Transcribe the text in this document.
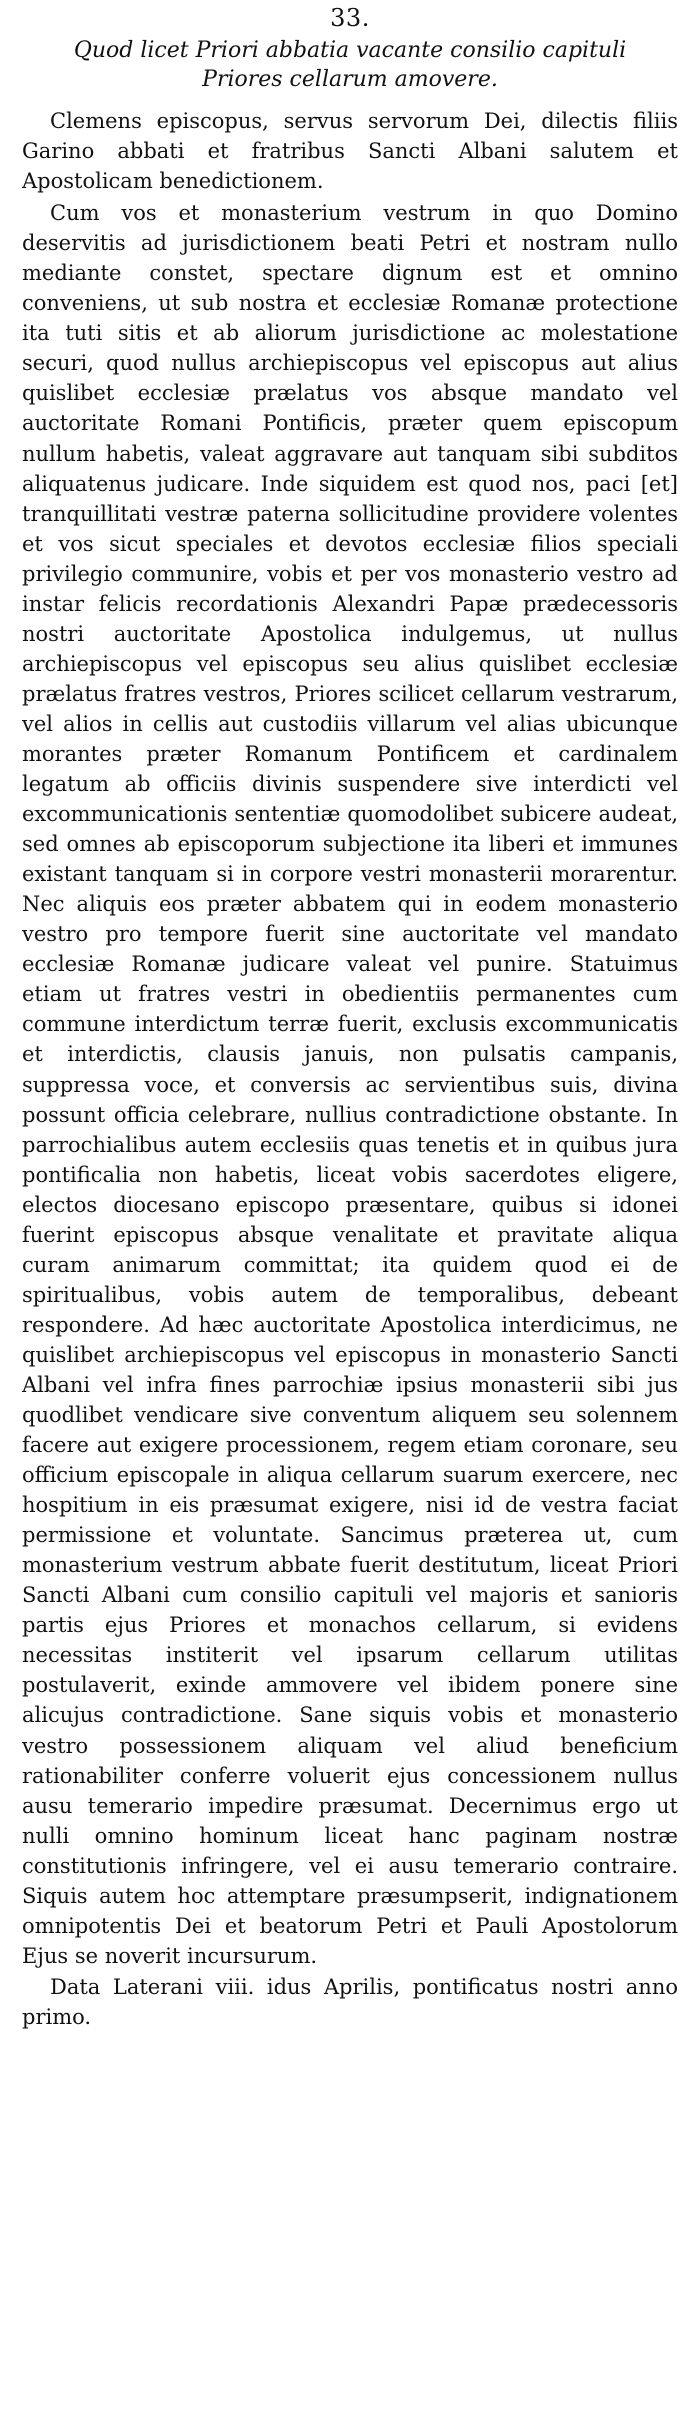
33.
Quod licet Priori abbatia vacante consilio capituli
Priores cellarum amovere.

Clemens episcopus, servus servorum Dei, dilectis filiis Garino abbati et fratribus Sancti Albani salutem et Apostolicam benedictionem.

Cum vos et monasterium vestrum in quo Domino deservitis ad jurisdictionem beati Petri et nostram nullo mediante constet, spectare dignum est et omnino conveniens, ut sub nostra et ecclesiæ Romanæ protectione ita tuti sitis et ab aliorum jurisdictione ac molestatione securi, quod nullus archiepiscopus vel episcopus aut alius quislibet ecclesiæ prælatus vos absque mandato vel auctoritate Romani Pontificis, præter quem episcopum nullum habetis, valeat aggravare aut tanquam sibi subditos aliquatenus judicare. Inde siquidem est quod nos, paci [et] tranquillitati vestræ paterna sollicitudine providere volentes et vos sicut speciales et devotos ecclesiæ filios speciali privilegio communire, vobis et per vos monasterio vestro ad instar felicis recordationis Alexandri Papæ prædecessoris nostri auctoritate Apostolica indulgemus, ut nullus archiepiscopus vel episcopus seu alius quislibet ecclesiæ prælatus fratres vestros, Priores scilicet cellarum vestrarum, vel alios in cellis aut custodiis villarum vel alias ubicunque morantes præter Romanum Pontificem et cardinalem legatum ab officiis divinis suspendere sive interdicti vel excommunicationis sententiæ quomodolibet subicere audeat, sed omnes ab episcoporum subjectione ita liberi et immunes existant tanquam si in corpore vestri monasterii morarentur. Nec aliquis eos præter abbatem qui in eodem monasterio vestro pro tempore fuerit sine auctoritate vel mandato ecclesiæ Romanæ judicare valeat vel punire. Statuimus etiam ut fratres vestri in obedientiis permanentes cum commune interdictum terræ fuerit, exclusis excommunicatis et interdictis, clausis januis, non pulsatis campanis, suppressa voce, et conversis ac servientibus suis, divina possunt officia celebrare, nullius contradictione obstante. In parrochialibus autem ecclesiis quas tenetis et in quibus jura pontificalia non habetis, liceat vobis sacerdotes eligere, electos diocesano episcopo præsentare, quibus si idonei fuerint episcopus absque venalitate et pravitate aliqua curam animarum committat; ita quidem quod ei de spiritualibus, vobis autem de temporalibus, debeant respondere. Ad hæc auctoritate Apostolica interdicimus, ne quislibet archiepiscopus vel episcopus in monasterio Sancti Albani vel infra fines parrochiæ ipsius monasterii sibi jus quodlibet vendicare sive conventum aliquem seu solennem facere aut exigere processionem, regem etiam coronare, seu officium episcopale in aliqua cellarum suarum exercere, nec hospitium in eis præsumat exigere, nisi id de vestra faciat permissione et voluntate. Sancimus præterea ut, cum monasterium vestrum abbate fuerit destitutum, liceat Priori Sancti Albani cum consilio capituli vel majoris et sanioris partis ejus Priores et monachos cellarum, si evidens necessitas institerit vel ipsarum cellarum utilitas postulaverit, exinde ammovere vel ibidem ponere sine alicujus contradictione. Sane siquis vobis et monasterio vestro possessionem aliquam vel aliud beneficium rationabiliter conferre voluerit ejus concessionem nullus ausu temerario impedire præsumat. Decernimus ergo ut nulli omnino hominum liceat hanc paginam nostræ constitutionis infringere, vel ei ausu temerario contraire. Siquis autem hoc attemptare præsumpserit, indignationem omnipotentis Dei et beatorum Petri et Pauli Apostolorum Ejus se noverit incursurum.

Data Laterani viii. idus Aprilis, pontificatus nostri anno primo.
